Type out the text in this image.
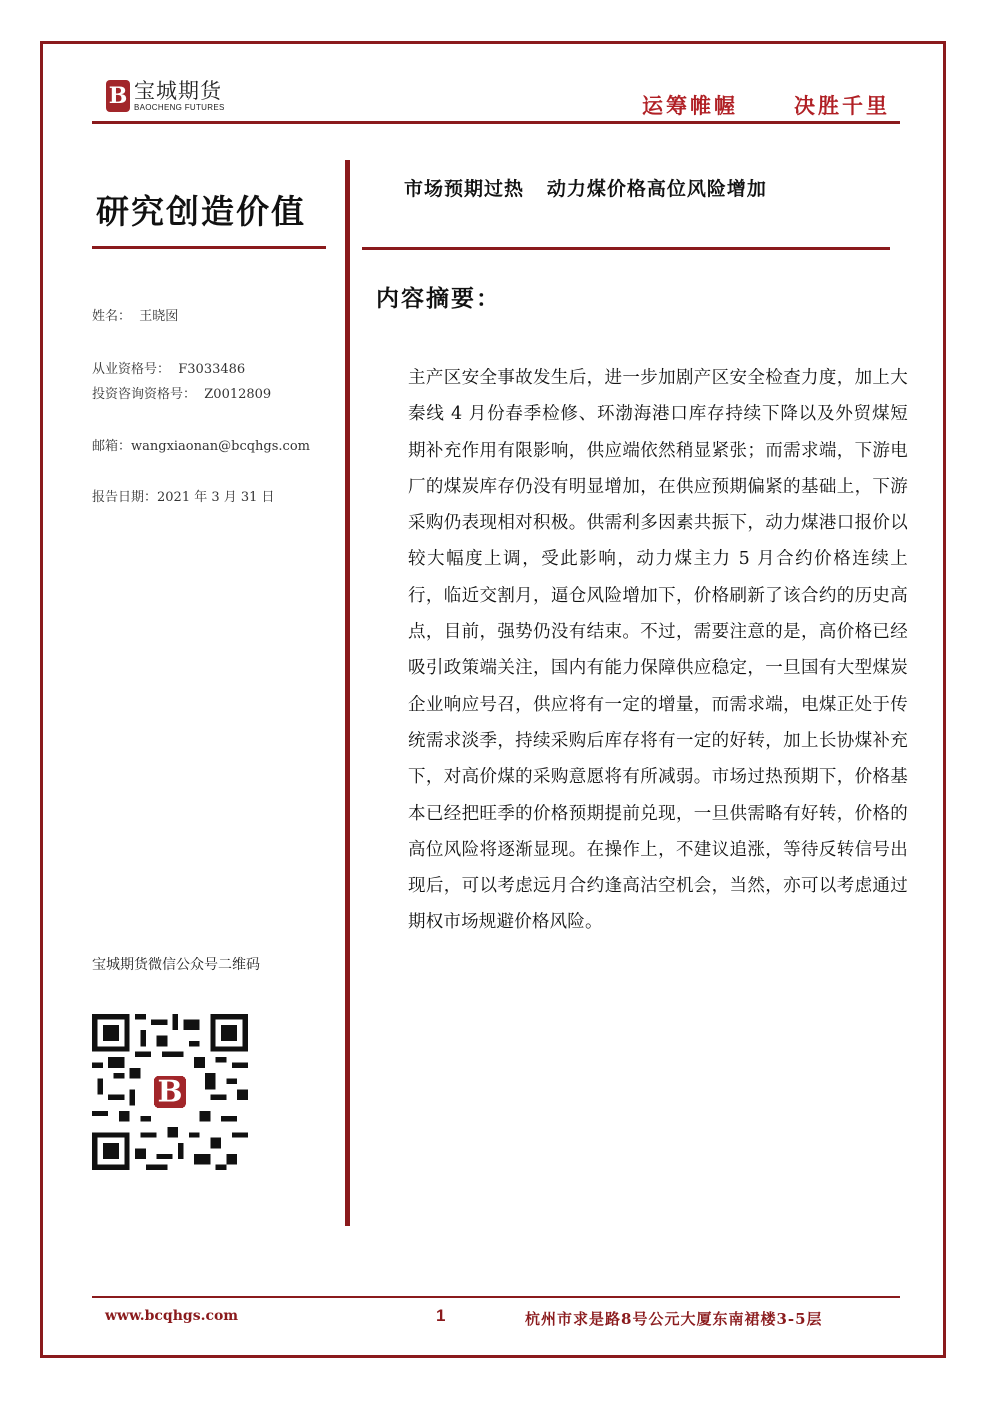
B 宝城期货
BAOCHENG FUTURES	运筹帷幄	决胜千里
研究创造价值
姓名：  王晓囡
从业资格号：  F3033486
投资咨询资格号：  Z0012809
邮箱：wangxiaonan@bcqhgs.com
报告日期：2021 年 3 月 31 日
宝城期货微信公众号二维码
B
市场预期过热   动力煤价格高位风险增加
内容摘要：
主产区安全事故发生后，进一步加剧产区安全检查力度，加上大秦线 4 月份春季检修、环渤海港口库存持续下降以及外贸煤短期补充作用有限影响，供应端依然稍显紧张；而需求端，下游电厂的煤炭库存仍没有明显增加，在供应预期偏紧的基础上，下游采购仍表现相对积极。供需利多因素共振下，动力煤港口报价以较大幅度上调，受此影响，动力煤主力 5 月合约价格连续上行，临近交割月，逼仓风险增加下，价格刷新了该合约的历史高点，目前，强势仍没有结束。不过，需要注意的是，高价格已经吸引政策端关注，国内有能力保障供应稳定，一旦国有大型煤炭企业响应号召，供应将有一定的增量，而需求端，电煤正处于传统需求淡季，持续采购后库存将有一定的好转，加上长协煤补充下，对高价煤的采购意愿将有所减弱。市场过热预期下，价格基本已经把旺季的价格预期提前兑现，一旦供需略有好转，价格的高位风险将逐渐显现。在操作上，不建议追涨，等待反转信号出现后，可以考虑远月合约逢高沽空机会，当然，亦可以考虑通过期权市场规避价格风险。
www.bcqhgs.com	1	杭州市求是路8号公元大厦东南裙楼3-5层
